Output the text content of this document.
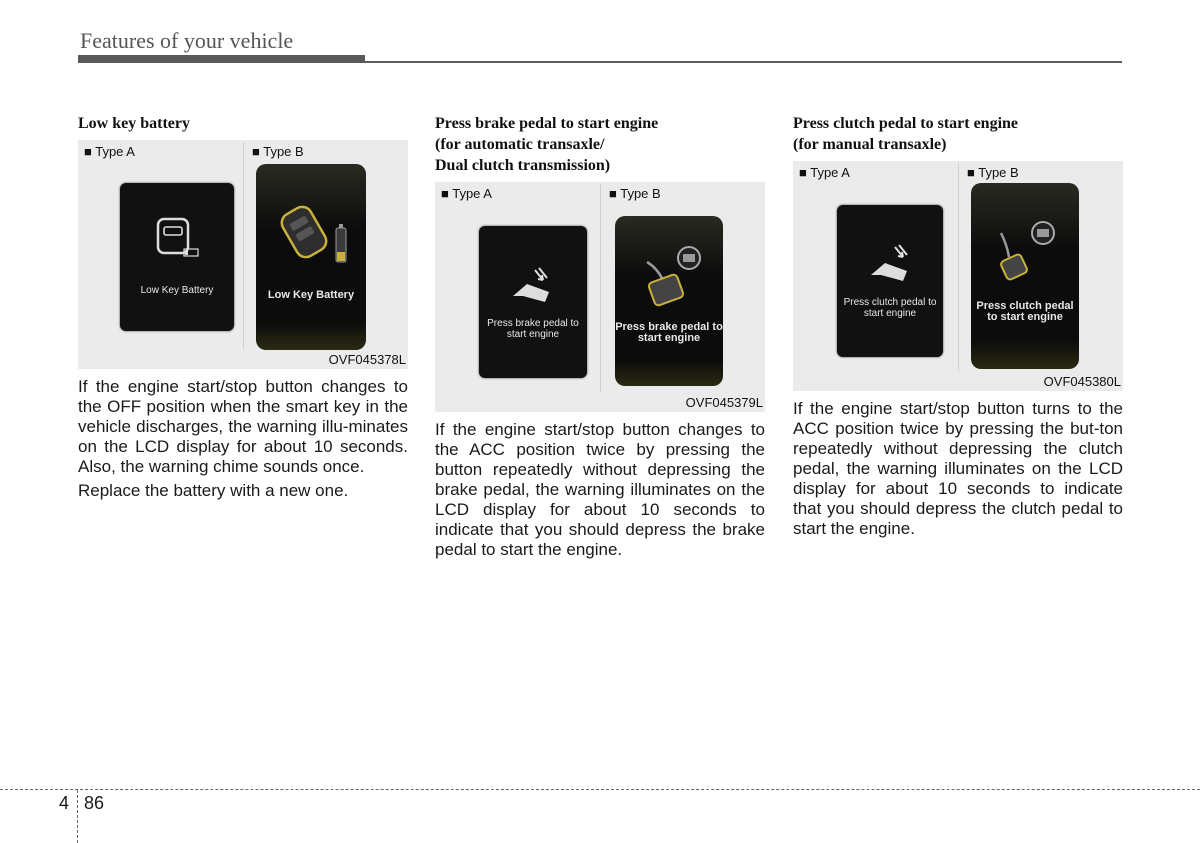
Features of your vehicle

Low key battery

■ Type A	■ Type B
Low Key Battery	Low Key Battery
OVF045378L

If the engine start/stop button changes to the OFF position when the smart key in the vehicle discharges, the warning illu-minates on the LCD display for about 10 seconds. Also, the warning chime sounds once.

Replace the battery with a new one.

Press brake pedal to start engine
(for automatic transaxle/
Dual clutch transmission)

■ Type A	■ Type B
Press brake pedal to start engine
Press brake pedal to start engine
OVF045379L

If the engine start/stop button changes to the ACC position twice by pressing the button repeatedly without depressing the brake pedal, the warning illuminates on the LCD display for about 10 seconds to indicate that you should depress the brake pedal to start the engine.

Press clutch pedal to start engine
(for manual transaxle)

■ Type A	■ Type B
Press clutch pedal to start engine
Press clutch pedal to start engine
OVF045380L

If the engine start/stop button turns to the ACC position twice by pressing the but-ton repeatedly without depressing the clutch pedal, the warning illuminates on the LCD display for about 10 seconds to indicate that you should depress the clutch pedal to start the engine.

4 86
